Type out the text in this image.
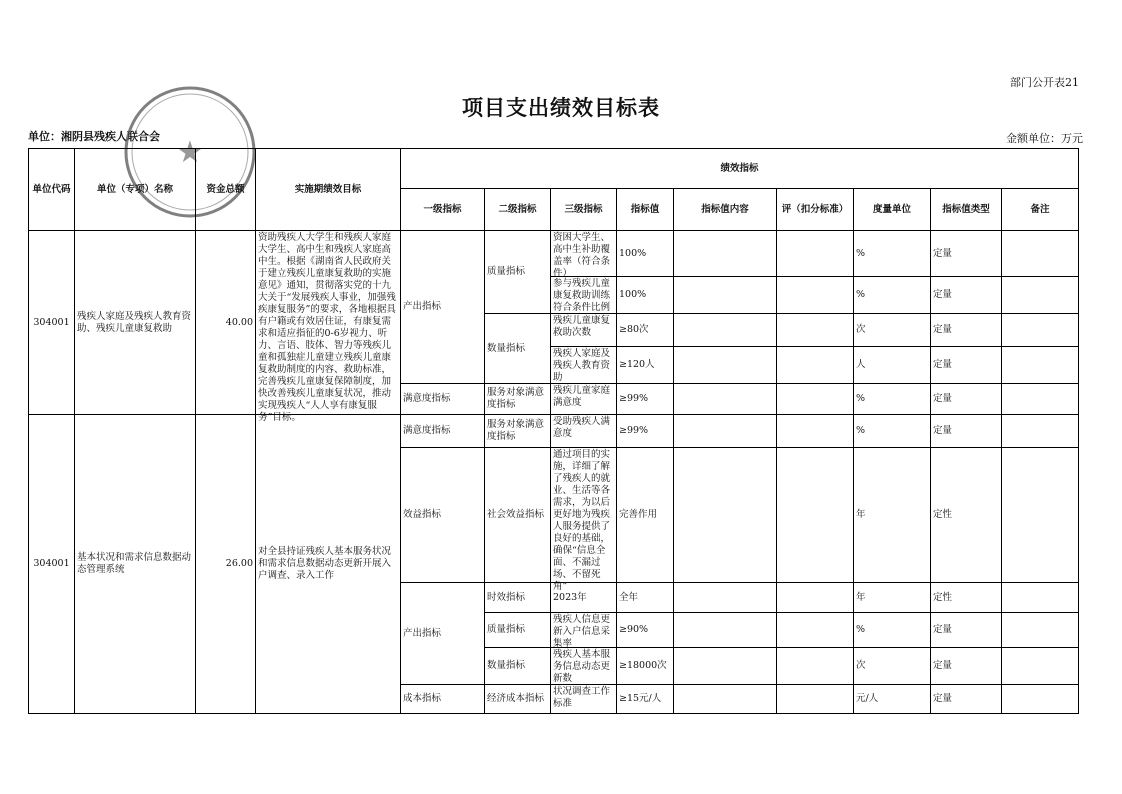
部门公开表21
项目支出绩效目标表
单位：湘阴县残疾人联合会	金额单位：万元
★
单位代码	单位（专项）名称	资金总额	实施期绩效目标	绩效指标								
				一级指标	二级指标	三级指标	指标值	指标值内容	评（扣分标准）	度量单位	指标值类型	备注
304001	残疾人家庭及残疾人教育资助、残疾儿童康复救助	40.00	资助残疾人大学生和残疾人家庭大学生、高中生和残疾人家庭高中生。根据《湖南省人民政府关于建立残疾儿童康复救助的实施意见》通知，贯彻落实党的十九大关于“发展残疾人事业，加强残疾康复服务”的要求，各地根据具有户籍或有效居住证，有康复需求和适应指征的0-6岁视力、听力、言语、肢体、智力等残疾儿童和孤独症儿童建立残疾儿童康复救助制度的内容、救助标准，完善残疾儿童康复保障制度，加快改善残疾儿童康复状况，推动实现残疾人“人人享有康复服务”目标。	产出指标	质量指标	资困大学生、高中生补助覆盖率（符合条件）	100%			%	定量	

						参与残疾儿童康复救助训练符合条件比例	100%			%	定量	
					数量指标	残疾儿童康复救助次数	≥80次			次	定量	

						残疾人家庭及残疾人教育资助	≥120人			人	定量	
				满意度指标	服务对象满意度指标	残疾儿童家庭满意度	≥99%			%	定量	
304001	基本状况和需求信息数据动态管理系统	26.00	对全县持证残疾人基本服务状况和需求信息数据动态更新开展入户调查、录入工作	满意度指标	服务对象满意度指标	受助残疾人满意度	≥99%			%	定量	
				效益指标	社会效益指标	通过项目的实施，详细了解了残疾人的就业、生活等各需求，为以后更好地为残疾人服务提供了良好的基础，确保“信息全面、不漏过场、不留死角”	完善作用			年	定性	
				产出指标	时效指标	2023年	全年			年	定性	
					质量指标	残疾人信息更新入户信息采集率	≥90%			%	定量	
					数量指标	残疾人基本服务信息动态更新数	≥18000次			次	定量	
				成本指标	经济成本指标	状况调查工作标准	≥15元/人			元/人	定量	
